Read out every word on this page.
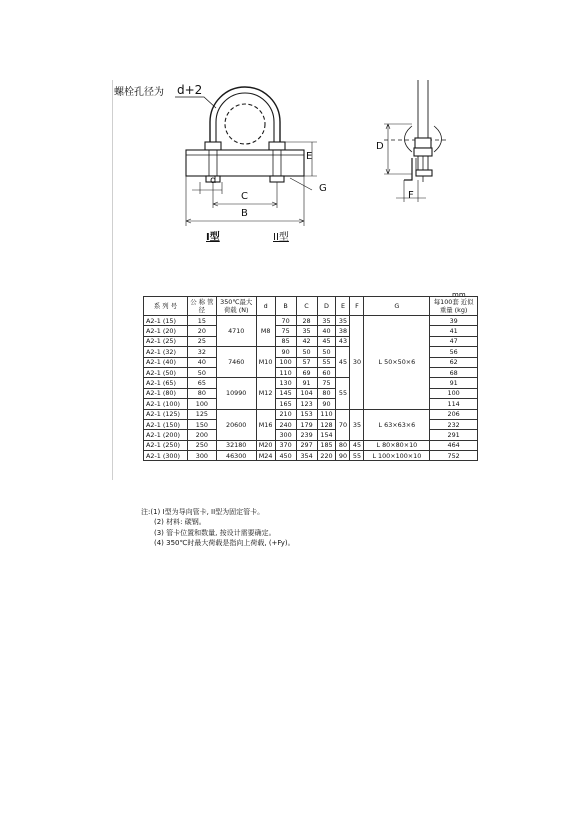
螺栓孔径为 d+2
d
C
B
E
G
D
F
I型	II型
mm
系 列 号	公 称 管 径	350℃最大 荷载 (N)	d	B	C	D	E	F	G	每100套 近似重量 (kg)
A2-1 (15)	15	4710	M8	70	28	35	35	30	L 50×50×6	39
A2-1 (20)	20			75	35	40	38			41
A2-1 (25)	25			85	42	45	43			47
A2-1 (32)	32	7460	M10	90	50	50	45			56
A2-1 (40)	40			100	57	55				62
A2-1 (50)	50			110	69	60				68
A2-1 (65)	65	10990	M12	130	91	75	55			91
A2-1 (80)	80			145	104	80				100
A2-1 (100)	100			165	123	90				114
A2-1 (125)	125	20600	M16	210	153	110	70	35	L 63×63×6	206
A2-1 (150)	150			240	179	128				232
A2-1 (200)	200			300	239	154				291
A2-1 (250)	250	32180	M20	370	297	185	80	45	L 80×80×10	464
A2-1 (300)	300	46300	M24	450	354	220	90	55	L 100×100×10	752
注:(1) I型为导向管卡, II型为固定管卡。
(2) 材料: 碳钢。
(3) 管卡位置和数量, 按设计需要确定。
(4) 350℃时最大荷载是指向上荷载, (+Fy)。
